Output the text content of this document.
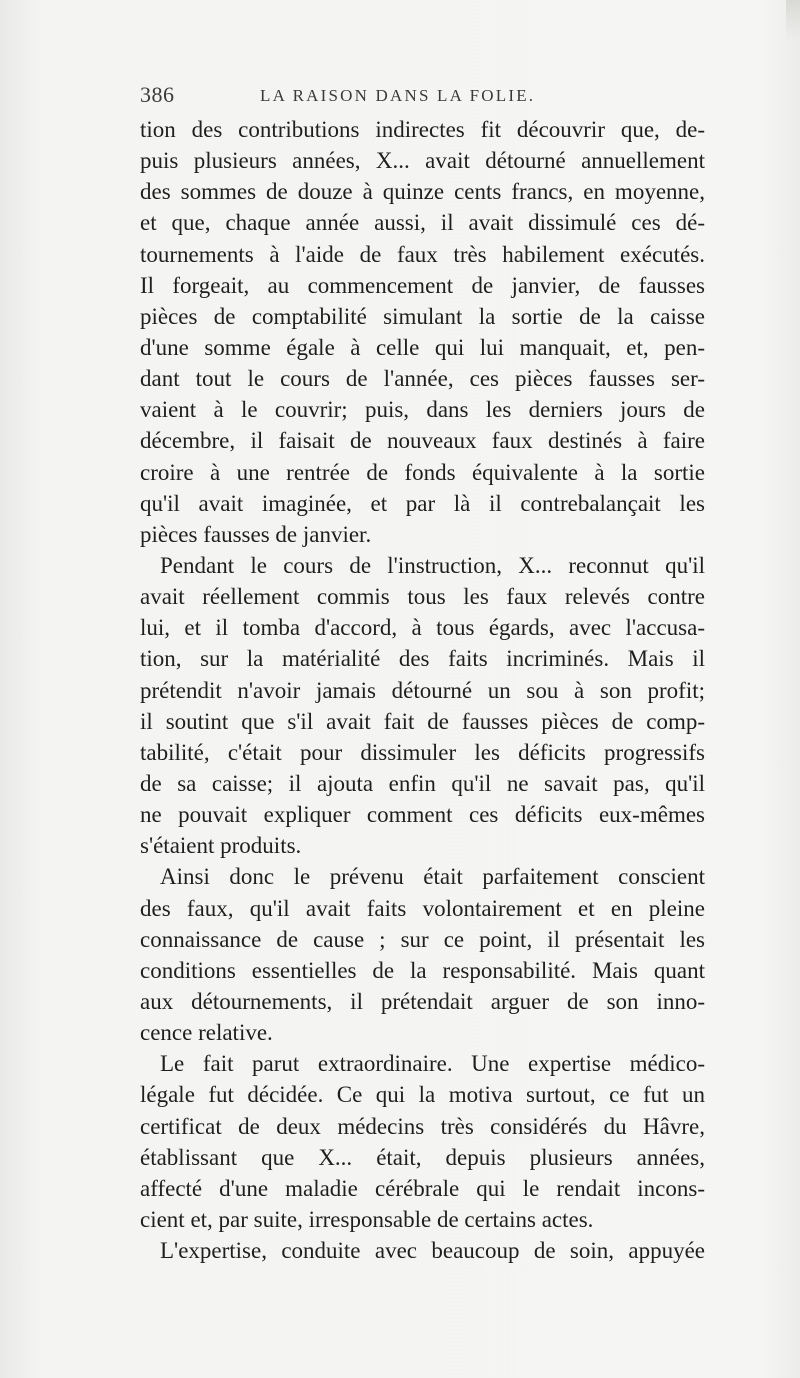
386	LA RAISON DANS LA FOLIE.
tion des contributions indirectes fit découvrir que, de-
puis plusieurs années, X... avait détourné annuellement
des sommes de douze à quinze cents francs, en moyenne,
et que, chaque année aussi, il avait dissimulé ces dé-
tournements à l'aide de faux très habilement exécutés.
Il forgeait, au commencement de janvier, de fausses
pièces de comptabilité simulant la sortie de la caisse
d'une somme égale à celle qui lui manquait, et, pen-
dant tout le cours de l'année, ces pièces fausses ser-
vaient à le couvrir; puis, dans les derniers jours de
décembre, il faisait de nouveaux faux destinés à faire
croire à une rentrée de fonds équivalente à la sortie
qu'il avait imaginée, et par là il contrebalançait les
pièces fausses de janvier.
Pendant le cours de l'instruction, X... reconnut qu'il
avait réellement commis tous les faux relevés contre
lui, et il tomba d'accord, à tous égards, avec l'accusa-
tion, sur la matérialité des faits incriminés. Mais il
prétendit n'avoir jamais détourné un sou à son profit;
il soutint que s'il avait fait de fausses pièces de comp-
tabilité, c'était pour dissimuler les déficits progressifs
de sa caisse; il ajouta enfin qu'il ne savait pas, qu'il
ne pouvait expliquer comment ces déficits eux-mêmes
s'étaient produits.
Ainsi donc le prévenu était parfaitement conscient
des faux, qu'il avait faits volontairement et en pleine
connaissance de cause ; sur ce point, il présentait les
conditions essentielles de la responsabilité. Mais quant
aux détournements, il prétendait arguer de son inno-
cence relative.
Le fait parut extraordinaire. Une expertise médico-
légale fut décidée. Ce qui la motiva surtout, ce fut un
certificat de deux médecins très considérés du Hâvre,
établissant que X... était, depuis plusieurs années,
affecté d'une maladie cérébrale qui le rendait incons-
cient et, par suite, irresponsable de certains actes.
L'expertise, conduite avec beaucoup de soin, appuyée
